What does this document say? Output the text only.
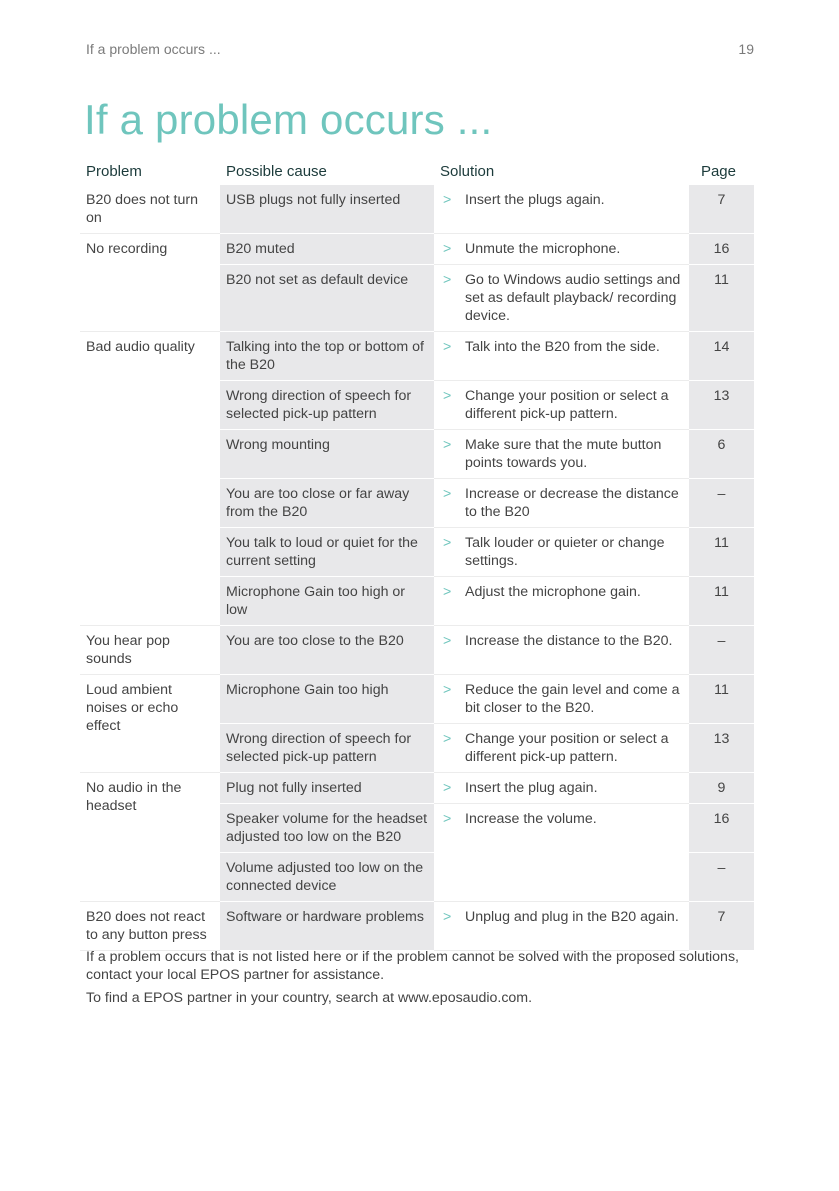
If a problem occurs ...	19
If a problem occurs ...
Problem	Possible cause	Solution	Page
B20 does not turn on	USB plugs not fully inserted	> Insert the plugs again.	7
No recording	B20 muted	> Unmute the microphone.	16
	B20 not set as default device	> Go to Windows audio settings and set as default playback/ recording device.	11
Bad audio quality	Talking into the top or bottom of the B20	> Talk into the B20 from the side.	14
	Wrong direction of speech for selected pick-up pattern	> Change your position or select a different pick-up pattern.	13
	Wrong mounting	> Make sure that the mute button points towards you.	6
	You are too close or far away from the B20	> Increase or decrease the distance to the B20	–
	You talk to loud or quiet for the current setting	> Talk louder or quieter or change settings.	11
	Microphone Gain too high or low	> Adjust the microphone gain.	11
You hear pop sounds	You are too close to the B20	> Increase the distance to the B20.	–
Loud ambient noises or echo effect	Microphone Gain too high	> Reduce the gain level and come a bit closer to the B20.	11
	Wrong direction of speech for selected pick-up pattern	> Change your position or select a different pick-up pattern.	13
No audio in the headset	Plug not fully inserted	> Insert the plug again.	9
	Speaker volume for the headset adjusted too low on the B20	> Increase the volume.	16
	Volume adjusted too low on the connected device		–
B20 does not react to any button press	Software or hardware problems	> Unplug and plug in the B20 again.	7
If a problem occurs that is not listed here or if the problem cannot be solved with the proposed solutions, contact your local EPOS partner for assistance.
To find a EPOS partner in your country, search at www.eposaudio.com.
